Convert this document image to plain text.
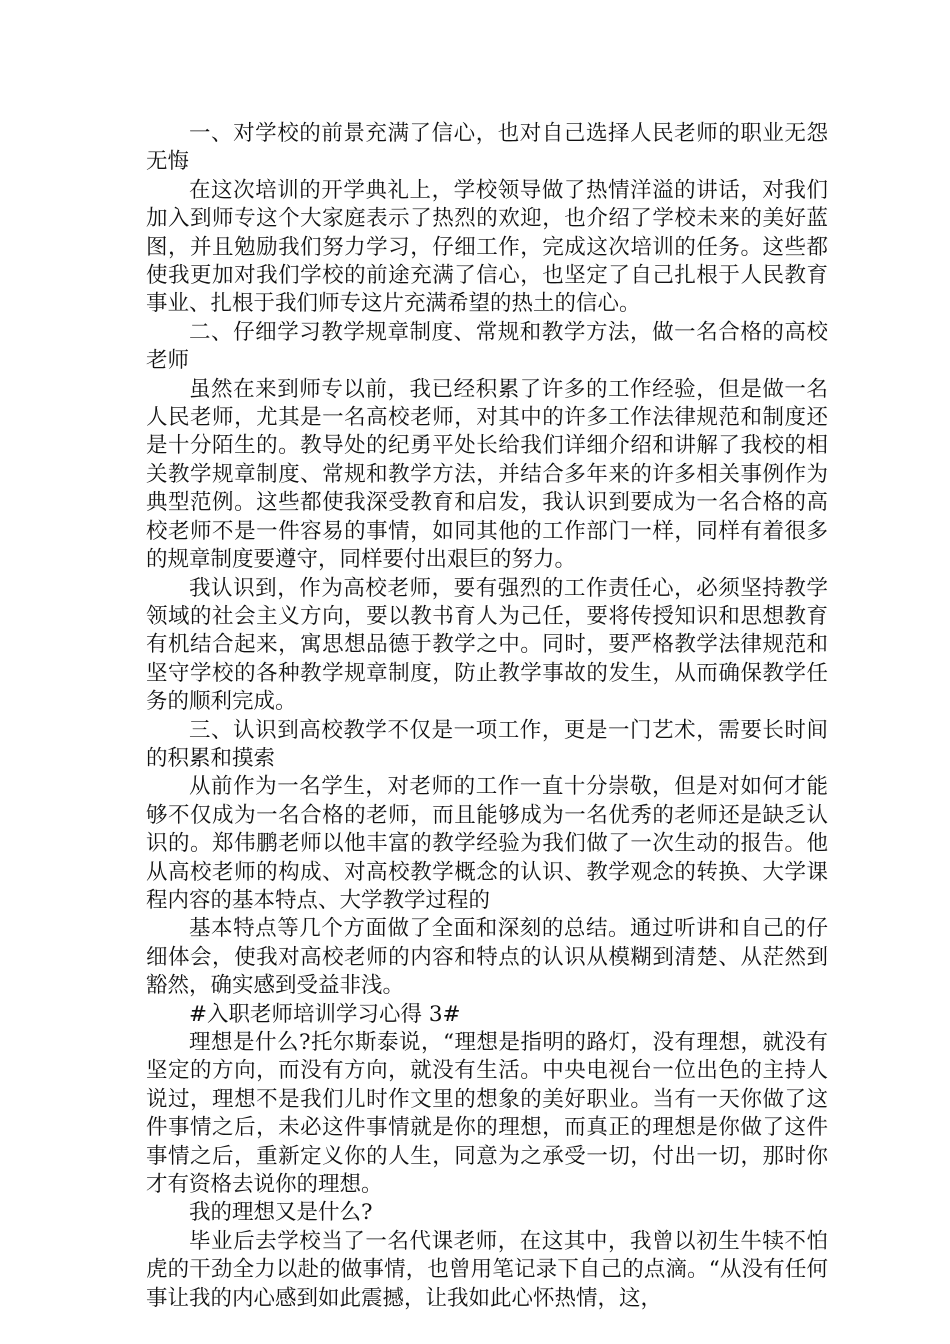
一、对学校的前景充满了信心，也对自己选择人民老师的职业无怨无悔

在这次培训的开学典礼上，学校领导做了热情洋溢的讲话，对我们加入到师专这个大家庭表示了热烈的欢迎，也介绍了学校未来的美好蓝图，并且勉励我们努力学习，仔细工作，完成这次培训的任务。这些都使我更加对我们学校的前途充满了信心，也坚定了自己扎根于人民教育事业、扎根于我们师专这片充满希望的热土的信心。

二、仔细学习教学规章制度、常规和教学方法，做一名合格的高校老师

虽然在来到师专以前，我已经积累了许多的工作经验，但是做一名人民老师，尤其是一名高校老师，对其中的许多工作法律规范和制度还是十分陌生的。教导处的纪勇平处长给我们详细介绍和讲解了我校的相关教学规章制度、常规和教学方法，并结合多年来的许多相关事例作为典型范例。这些都使我深受教育和启发，我认识到要成为一名合格的高校老师不是一件容易的事情，如同其他的工作部门一样，同样有着很多的规章制度要遵守，同样要付出艰巨的努力。

我认识到，作为高校老师，要有强烈的工作责任心，必须坚持教学领域的社会主义方向，要以教书育人为己任，要将传授知识和思想教育有机结合起来，寓思想品德于教学之中。同时，要严格教学法律规范和坚守学校的各种教学规章制度，防止教学事故的发生，从而确保教学任务的顺利完成。

三、认识到高校教学不仅是一项工作，更是一门艺术，需要长时间的积累和摸索

从前作为一名学生，对老师的工作一直十分崇敬，但是对如何才能够不仅成为一名合格的老师，而且能够成为一名优秀的老师还是缺乏认识的。郑伟鹏老师以他丰富的教学经验为我们做了一次生动的报告。他从高校老师的构成、对高校教学概念的认识、教学观念的转换、大学课程内容的基本特点、大学教学过程的

基本特点等几个方面做了全面和深刻的总结。通过听讲和自己的仔细体会，使我对高校老师的内容和特点的认识从模糊到清楚、从茫然到豁然，确实感到受益非浅。

#入职老师培训学习心得 3#

理想是什么?托尔斯泰说，“理想是指明的路灯，没有理想，就没有坚定的方向，而没有方向，就没有生活。中央电视台一位出色的主持人说过，理想不是我们儿时作文里的想象的美好职业。当有一天你做了这件事情之后，未必这件事情就是你的理想，而真正的理想是你做了这件事情之后，重新定义你的人生，同意为之承受一切，付出一切，那时你才有资格去说你的理想。

我的理想又是什么?

毕业后去学校当了一名代课老师，在这其中，我曾以初生牛犊不怕虎的干劲全力以赴的做事情，也曾用笔记录下自己的点滴。“从没有任何事让我的内心感到如此震撼，让我如此心怀热情，这，
